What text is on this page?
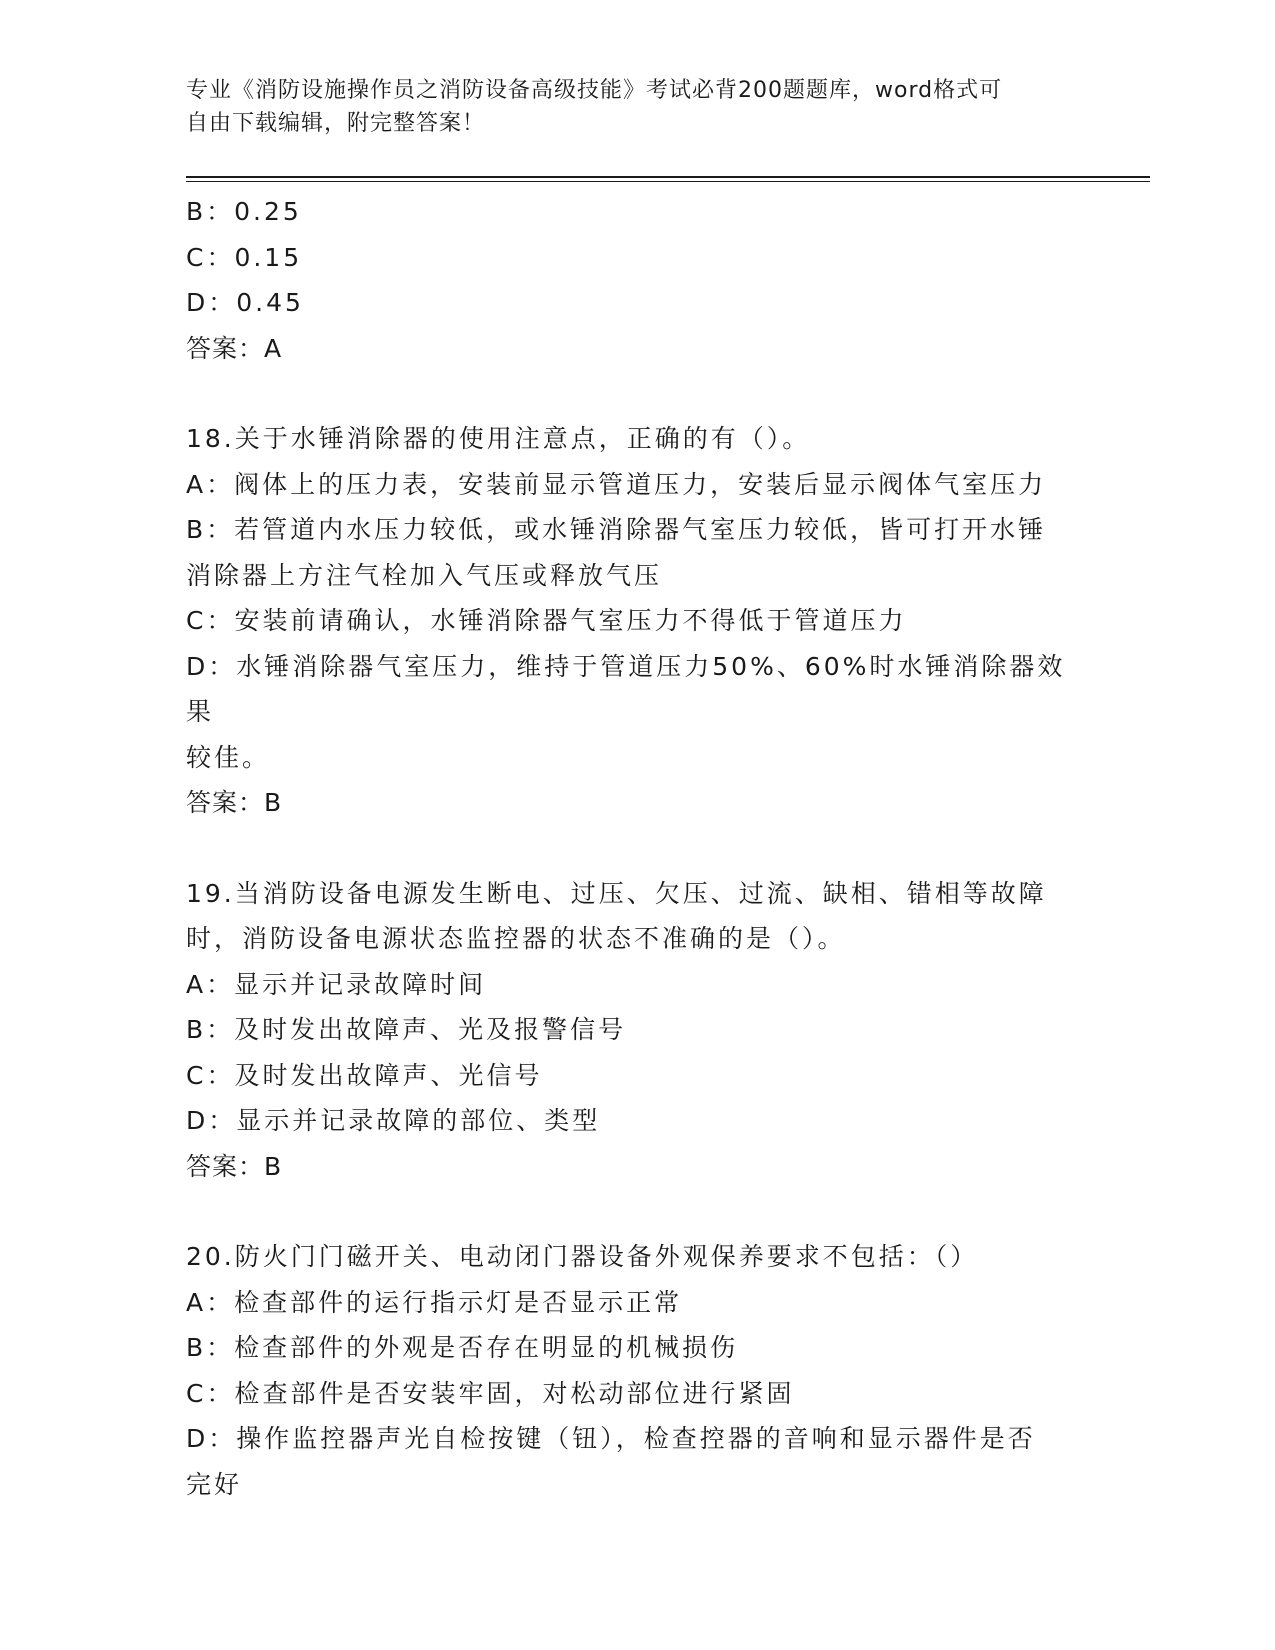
专业《消防设施操作员之消防设备高级技能》考试必背200题题库，word格式可
自由下载编辑，附完整答案！
B：0.25
C：0.15
D：0.45
答案：A
18.关于水锤消除器的使用注意点，正确的有（）。
A：阀体上的压力表，安装前显示管道压力，安装后显示阀体气室压力
B：若管道内水压力较低，或水锤消除器气室压力较低，皆可打开水锤
消除器上方注气栓加入气压或释放气压
C：安装前请确认，水锤消除器气室压力不得低于管道压力
D：水锤消除器气室压力，维持于管道压力50%、60%时水锤消除器效果
较佳。
答案：B
19.当消防设备电源发生断电、过压、欠压、过流、缺相、错相等故障
时，消防设备电源状态监控器的状态不准确的是（）。
A：显示并记录故障时间
B：及时发出故障声、光及报警信号
C：及时发出故障声、光信号
D：显示并记录故障的部位、类型
答案：B
20.防火门门磁开关、电动闭门器设备外观保养要求不包括：（）
A：检查部件的运行指示灯是否显示正常
B：检查部件的外观是否存在明显的机械损伤
C：检查部件是否安装牢固，对松动部位进行紧固
D：操作监控器声光自检按键（钮），检查控器的音响和显示器件是否
完好
